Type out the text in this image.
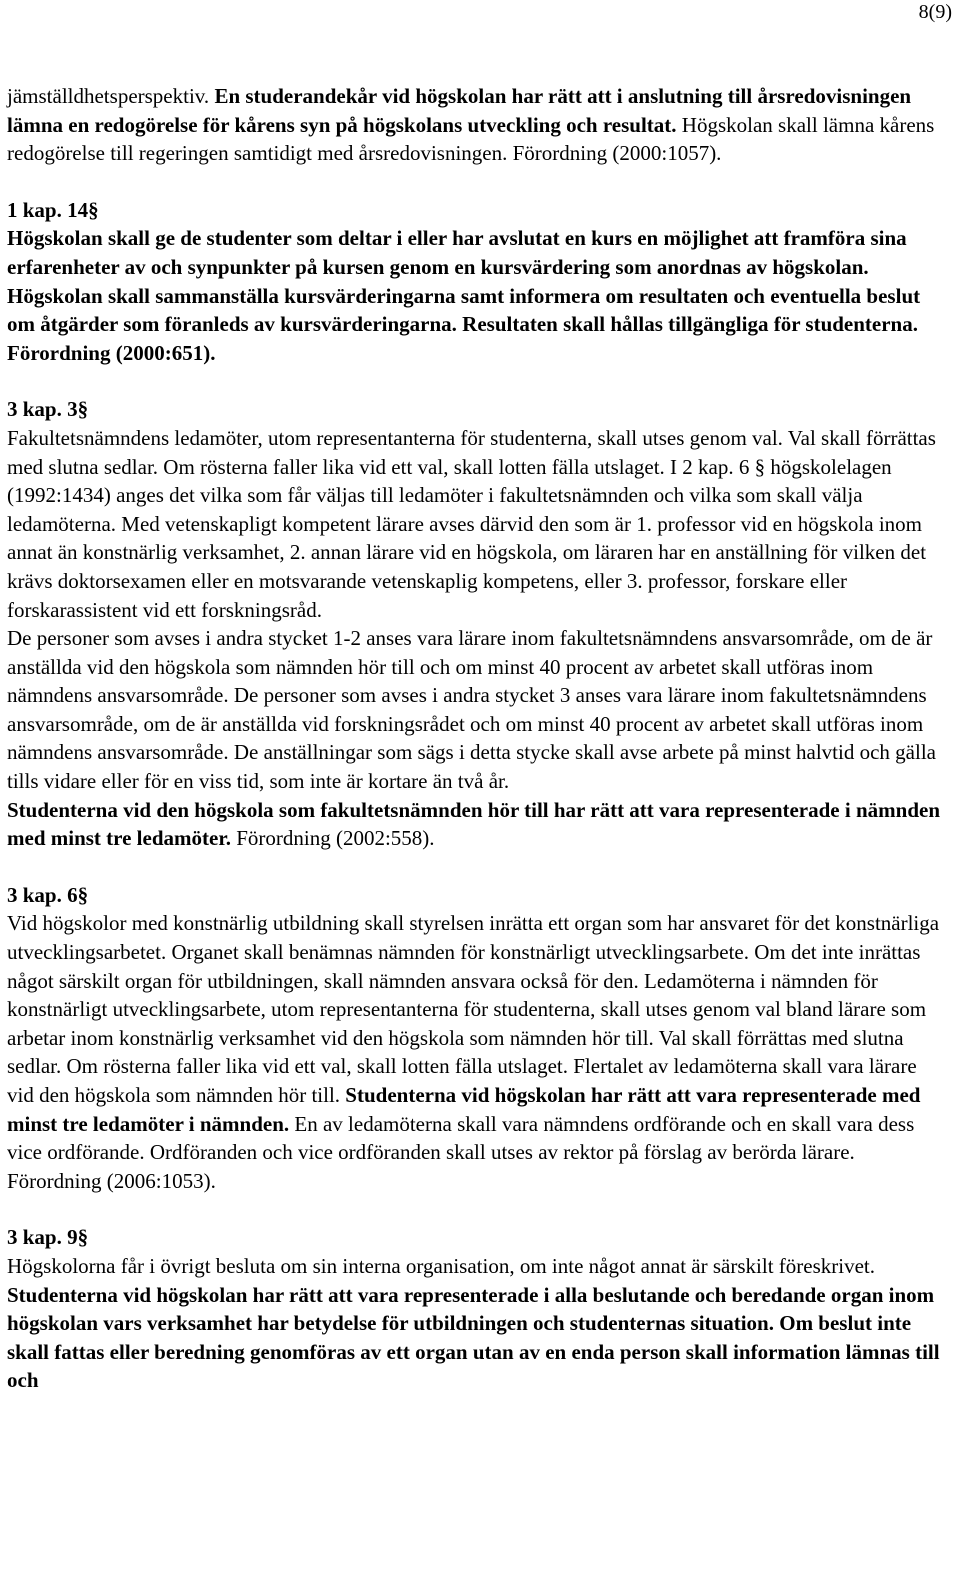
8(9)

jämställdhetsperspektiv. En studerandekår vid högskolan har rätt att i anslutning till årsredovisningen lämna en redogörelse för kårens syn på högskolans utveckling och resultat. Högskolan skall lämna kårens redogörelse till regeringen samtidigt med årsredovisningen. Förordning (2000:1057).

1 kap. 14§

Högskolan skall ge de studenter som deltar i eller har avslutat en kurs en möjlighet att framföra sina erfarenheter av och synpunkter på kursen genom en kursvärdering som anordnas av högskolan. Högskolan skall sammanställa kursvärderingarna samt informera om resultaten och eventuella beslut om åtgärder som föranleds av kursvärderingarna. Resultaten skall hållas tillgängliga för studenterna. Förordning (2000:651).

3 kap. 3§

Fakultetsnämndens ledamöter, utom representanterna för studenterna, skall utses genom val. Val skall förrättas med slutna sedlar. Om rösterna faller lika vid ett val, skall lotten fälla utslaget. I 2 kap. 6 § högskolelagen (1992:1434) anges det vilka som får väljas till ledamöter i fakultetsnämnden och vilka som skall välja ledamöterna. Med vetenskapligt kompetent lärare avses därvid den som är 1. professor vid en högskola inom annat än konstnärlig verksamhet, 2. annan lärare vid en högskola, om läraren har en anställning för vilken det krävs doktorsexamen eller en motsvarande vetenskaplig kompetens, eller 3. professor, forskare eller forskarassistent vid ett forskningsråd.

De personer som avses i andra stycket 1-2 anses vara lärare inom fakultetsnämndens ansvarsområde, om de är anställda vid den högskola som nämnden hör till och om minst 40 procent av arbetet skall utföras inom nämndens ansvarsområde. De personer som avses i andra stycket 3 anses vara lärare inom fakultetsnämndens ansvarsområde, om de är anställda vid forskningsrådet och om minst 40 procent av arbetet skall utföras inom nämndens ansvarsområde. De anställningar som sägs i detta stycke skall avse arbete på minst halvtid och gälla tills vidare eller för en viss tid, som inte är kortare än två år.

Studenterna vid den högskola som fakultetsnämnden hör till har rätt att vara representerade i nämnden med minst tre ledamöter. Förordning (2002:558).

3 kap. 6§

Vid högskolor med konstnärlig utbildning skall styrelsen inrätta ett organ som har ansvaret för det konstnärliga utvecklingsarbetet. Organet skall benämnas nämnden för konstnärligt utvecklingsarbete. Om det inte inrättas något särskilt organ för utbildningen, skall nämnden ansvara också för den. Ledamöterna i nämnden för konstnärligt utvecklingsarbete, utom representanterna för studenterna, skall utses genom val bland lärare som arbetar inom konstnärlig verksamhet vid den högskola som nämnden hör till. Val skall förrättas med slutna sedlar. Om rösterna faller lika vid ett val, skall lotten fälla utslaget. Flertalet av ledamöterna skall vara lärare vid den högskola som nämnden hör till. Studenterna vid högskolan har rätt att vara representerade med minst tre ledamöter i nämnden. En av ledamöterna skall vara nämndens ordförande och en skall vara dess vice ordförande. Ordföranden och vice ordföranden skall utses av rektor på förslag av berörda lärare. Förordning (2006:1053).

3 kap. 9§

Högskolorna får i övrigt besluta om sin interna organisation, om inte något annat är särskilt föreskrivet. Studenterna vid högskolan har rätt att vara representerade i alla beslutande och beredande organ inom högskolan vars verksamhet har betydelse för utbildningen och studenternas situation. Om beslut inte skall fattas eller beredning genomföras av ett organ utan av en enda person skall information lämnas till och
